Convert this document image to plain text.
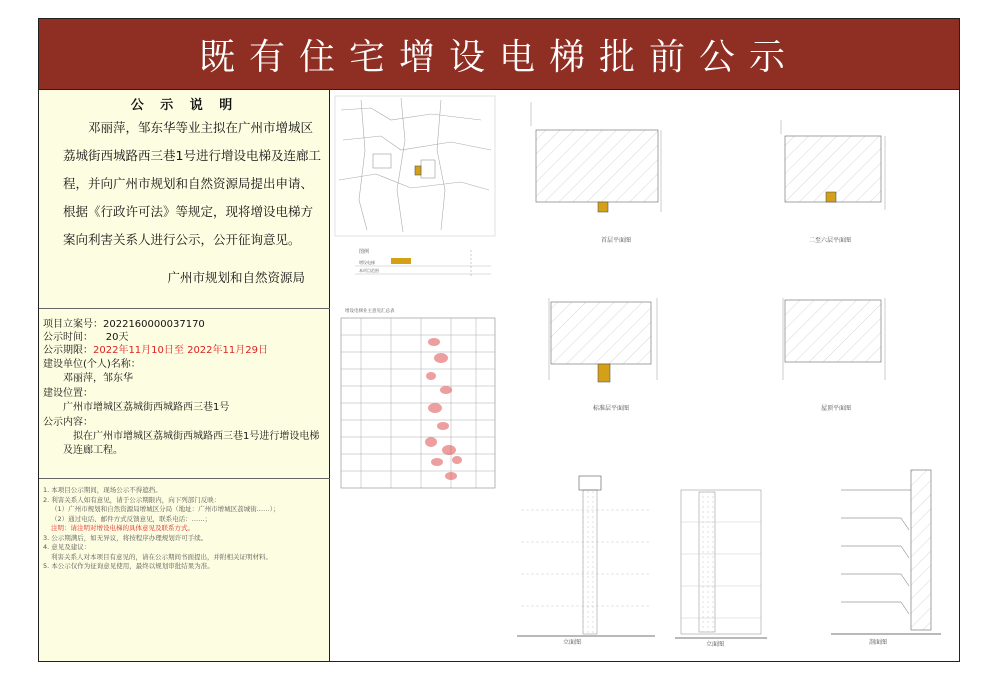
既有住宅增设电梯批前公示
公 示 说 明
邓丽萍，邹东华等业主拟在广州市增城区荔城街西城路西三巷1号进行增设电梯及连廊工程，并向广州市规划和自然资源局提出申请、根据《行政许可法》等规定，现将增设电梯方案向利害关系人进行公示，公开征询意见。
广州市规划和自然资源局
项目立案号：2022160000037170
公示时间： 20天
公示期限：2022年11月10日至 2022年11月29日
建设单位(个人)名称：
邓丽萍，邹东华
建设位置：
广州市增城区荔城街西城路西三巷1号
公示内容：
拟在广州市增城区荔城街西城路西三巷1号进行增设电梯及连廊工程。
1. 本项目公示期间，现场公示不得遮挡。
2. 利害关系人如有意见，请于公示期限内，向下列部门反映：
（1）广州市规划和自然资源局增城区分局（地址：广州市增城区荔城街……）；
（2）通过电话、邮件方式反馈意见，联系电话：……；
注明：请注明对增设电梯的具体意见及联系方式。
3. 公示期满后，如无异议，将按程序办理规划许可手续。
4. 意见及建议：
利害关系人对本项目有意见的，请在公示期间书面提出，并附相关证明材料。
5. 本公示仅作为征询意见使用，最终以规划审批结果为准。
图例
增设电梯
本项目范围
增设电梯业主意见汇总表
首层平面图	二至六层平面图
标准层平面图	屋顶平面图
立面图	立面图	剖面图
